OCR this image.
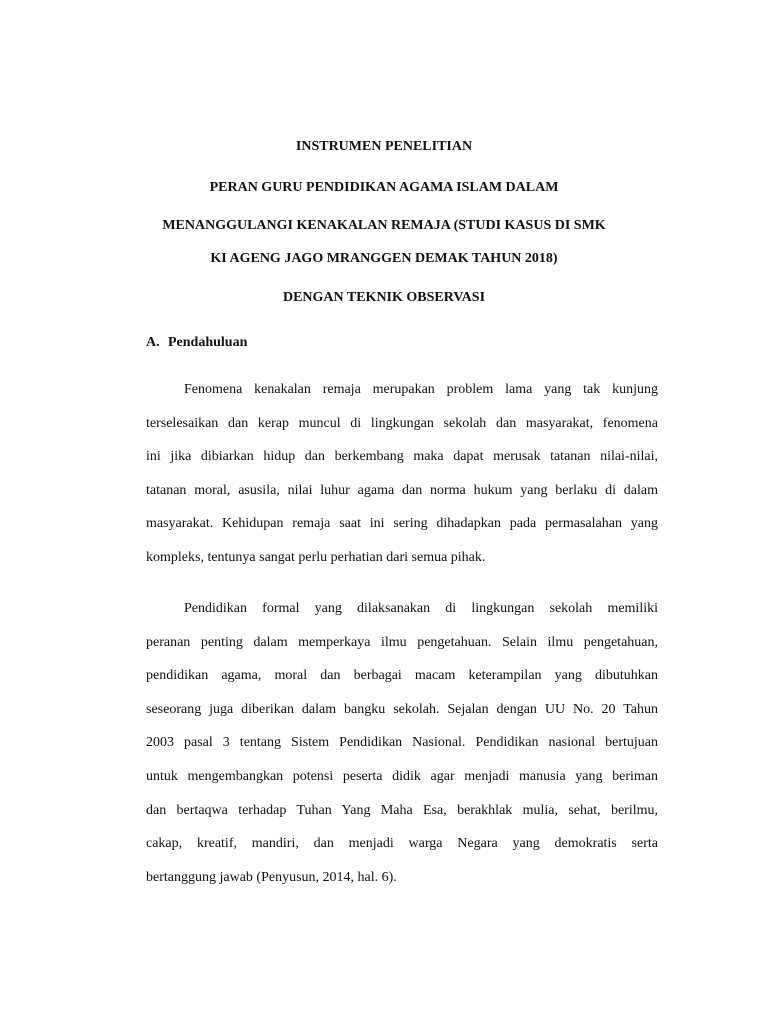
INSTRUMEN PENELITIAN
PERAN GURU PENDIDIKAN AGAMA ISLAM DALAM
MENANGGULANGI KENAKALAN REMAJA (STUDI KASUS DI SMK
KI AGENG JAGO MRANGGEN DEMAK TAHUN 2018)
DENGAN TEKNIK OBSERVASI
A. Pendahuluan
Fenomena kenakalan remaja merupakan problem lama yang tak kunjung
terselesaikan dan kerap muncul di lingkungan sekolah dan masyarakat, fenomena
ini jika dibiarkan hidup dan berkembang maka dapat merusak tatanan nilai-nilai,
tatanan moral, asusila, nilai luhur agama dan norma hukum yang berlaku di dalam
masyarakat. Kehidupan remaja saat ini sering dihadapkan pada permasalahan yang
kompleks, tentunya sangat perlu perhatian dari semua pihak.
Pendidikan formal yang dilaksanakan di lingkungan sekolah memiliki
peranan penting dalam memperkaya ilmu pengetahuan. Selain ilmu pengetahuan,
pendidikan agama, moral dan berbagai macam keterampilan yang dibutuhkan
seseorang juga diberikan dalam bangku sekolah. Sejalan dengan UU No. 20 Tahun
2003 pasal 3 tentang Sistem Pendidikan Nasional. Pendidikan nasional bertujuan
untuk mengembangkan potensi peserta didik agar menjadi manusia yang beriman
dan bertaqwa terhadap Tuhan Yang Maha Esa, berakhlak mulia, sehat, berilmu,
cakap, kreatif, mandiri, dan menjadi warga Negara yang demokratis serta
bertanggung jawab (Penyusun, 2014, hal. 6).
